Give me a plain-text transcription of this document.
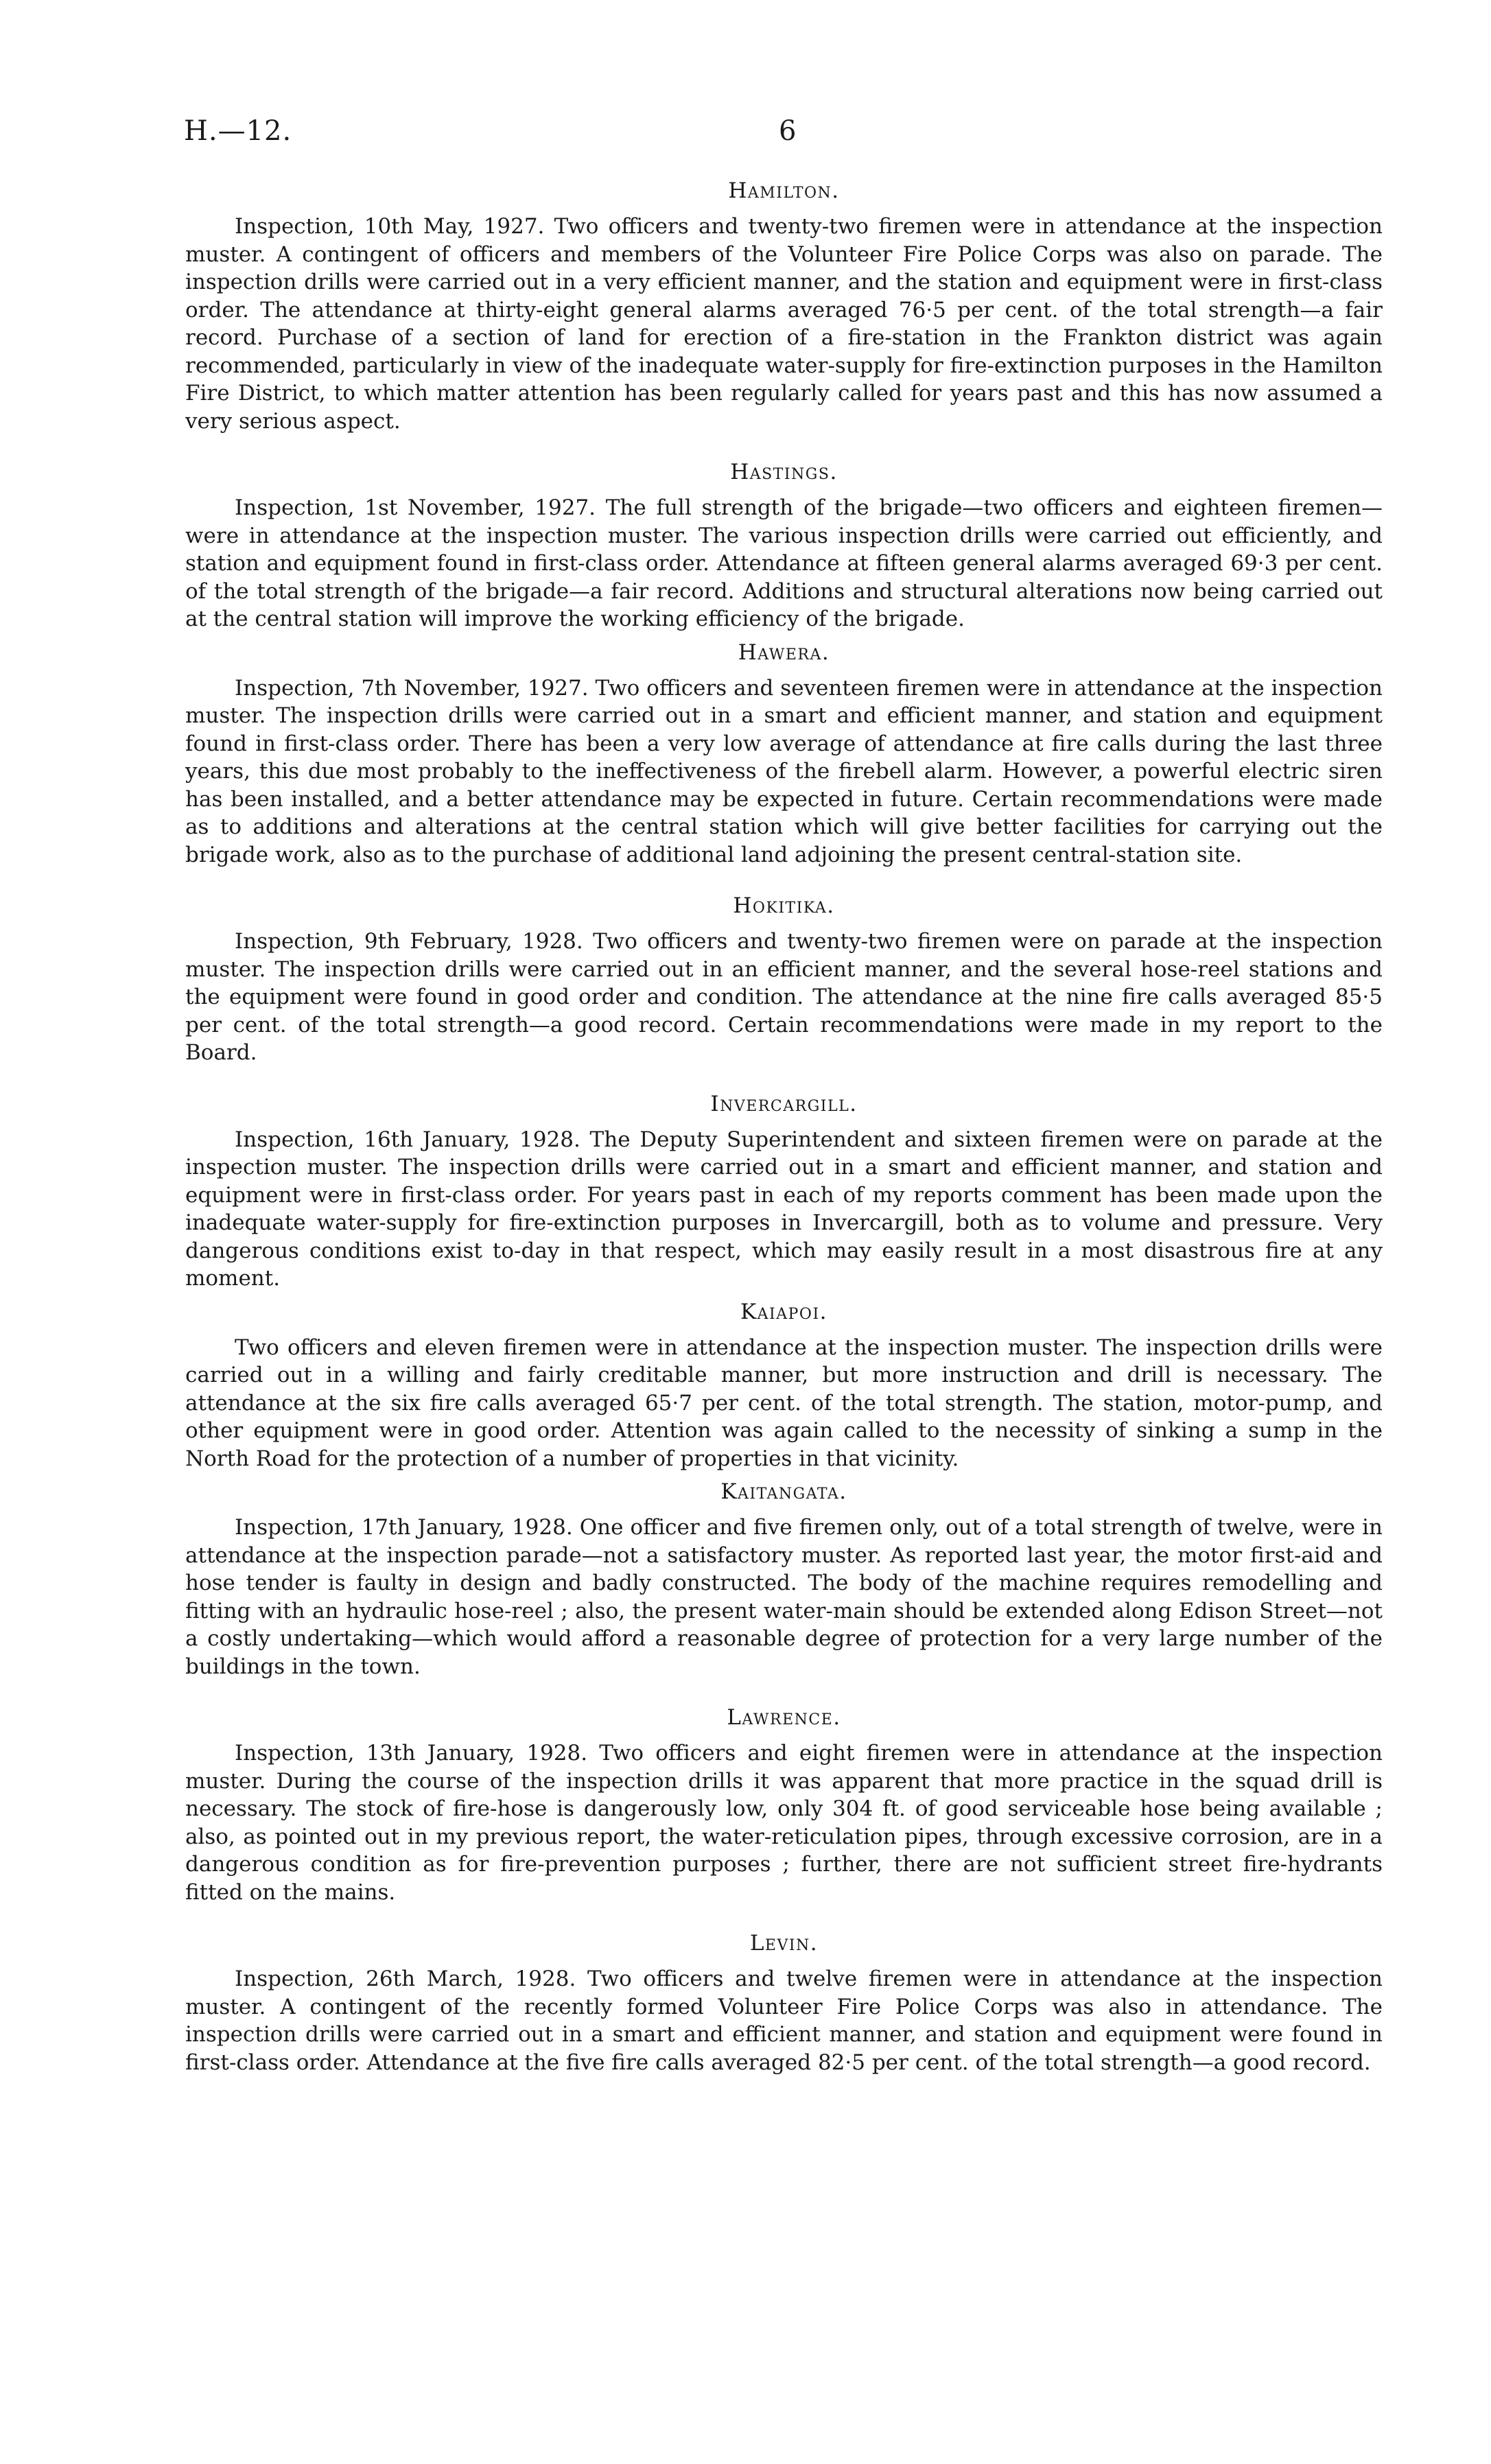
H.—12.	6
Hamilton.

Inspection, 10th May, 1927. Two officers and twenty-two firemen were in attendance at the inspection muster. A contingent of officers and members of the Volunteer Fire Police Corps was also on parade. The inspection drills were carried out in a very efficient manner, and the station and equipment were in first-class order. The attendance at thirty-eight general alarms averaged 76·5 per cent. of the total strength—a fair record. Purchase of a section of land for erection of a fire-station in the Frankton district was again recommended, particularly in view of the inadequate water-supply for fire-extinction purposes in the Hamilton Fire District, to which matter attention has been regularly called for years past and this has now assumed a very serious aspect.

Hastings.

Inspection, 1st November, 1927. The full strength of the brigade—two officers and eighteen firemen—were in attendance at the inspection muster. The various inspection drills were carried out efficiently, and station and equipment found in first-class order. Attendance at fifteen general alarms averaged 69·3 per cent. of the total strength of the brigade—a fair record. Additions and structural alterations now being carried out at the central station will improve the working efficiency of the brigade.

Hawera.

Inspection, 7th November, 1927. Two officers and seventeen firemen were in attendance at the inspection muster. The inspection drills were carried out in a smart and efficient manner, and station and equipment found in first-class order. There has been a very low average of attendance at fire calls during the last three years, this due most probably to the ineffectiveness of the firebell alarm. However, a powerful electric siren has been installed, and a better attendance may be expected in future. Certain recommendations were made as to additions and alterations at the central station which will give better facilities for carrying out the brigade work, also as to the purchase of additional land adjoining the present central-station site.

Hokitika.

Inspection, 9th February, 1928. Two officers and twenty-two firemen were on parade at the inspection muster. The inspection drills were carried out in an efficient manner, and the several hose-reel stations and the equipment were found in good order and condition. The attendance at the nine fire calls averaged 85·5 per cent. of the total strength—a good record. Certain recommendations were made in my report to the Board.

Invercargill.

Inspection, 16th January, 1928. The Deputy Superintendent and sixteen firemen were on parade at the inspection muster. The inspection drills were carried out in a smart and efficient manner, and station and equipment were in first-class order. For years past in each of my reports comment has been made upon the inadequate water-supply for fire-extinction purposes in Invercargill, both as to volume and pressure. Very dangerous conditions exist to-day in that respect, which may easily result in a most disastrous fire at any moment.

Kaiapoi.

Two officers and eleven firemen were in attendance at the inspection muster. The inspection drills were carried out in a willing and fairly creditable manner, but more instruction and drill is necessary. The attendance at the six fire calls averaged 65·7 per cent. of the total strength. The station, motor-pump, and other equipment were in good order. Attention was again called to the necessity of sinking a sump in the North Road for the protection of a number of properties in that vicinity.

Kaitangata.

Inspection, 17th January, 1928. One officer and five firemen only, out of a total strength of twelve, were in attendance at the inspection parade—not a satisfactory muster. As reported last year, the motor first-aid and hose tender is faulty in design and badly constructed. The body of the machine requires remodelling and fitting with an hydraulic hose-reel ; also, the present water-main should be extended along Edison Street—not a costly undertaking—which would afford a reasonable degree of protection for a very large number of the buildings in the town.

Lawrence.

Inspection, 13th January, 1928. Two officers and eight firemen were in attendance at the inspection muster. During the course of the inspection drills it was apparent that more practice in the squad drill is necessary. The stock of fire-hose is dangerously low, only 304 ft. of good serviceable hose being available ; also, as pointed out in my previous report, the water-reticulation pipes, through excessive corrosion, are in a dangerous condition as for fire-prevention purposes ; further, there are not sufficient street fire-hydrants fitted on the mains.

Levin.

Inspection, 26th March, 1928. Two officers and twelve firemen were in attendance at the inspection muster. A contingent of the recently formed Volunteer Fire Police Corps was also in attendance. The inspection drills were carried out in a smart and efficient manner, and station and equipment were found in first-class order. Attendance at the five fire calls averaged 82·5 per cent. of the total strength—a good record.
